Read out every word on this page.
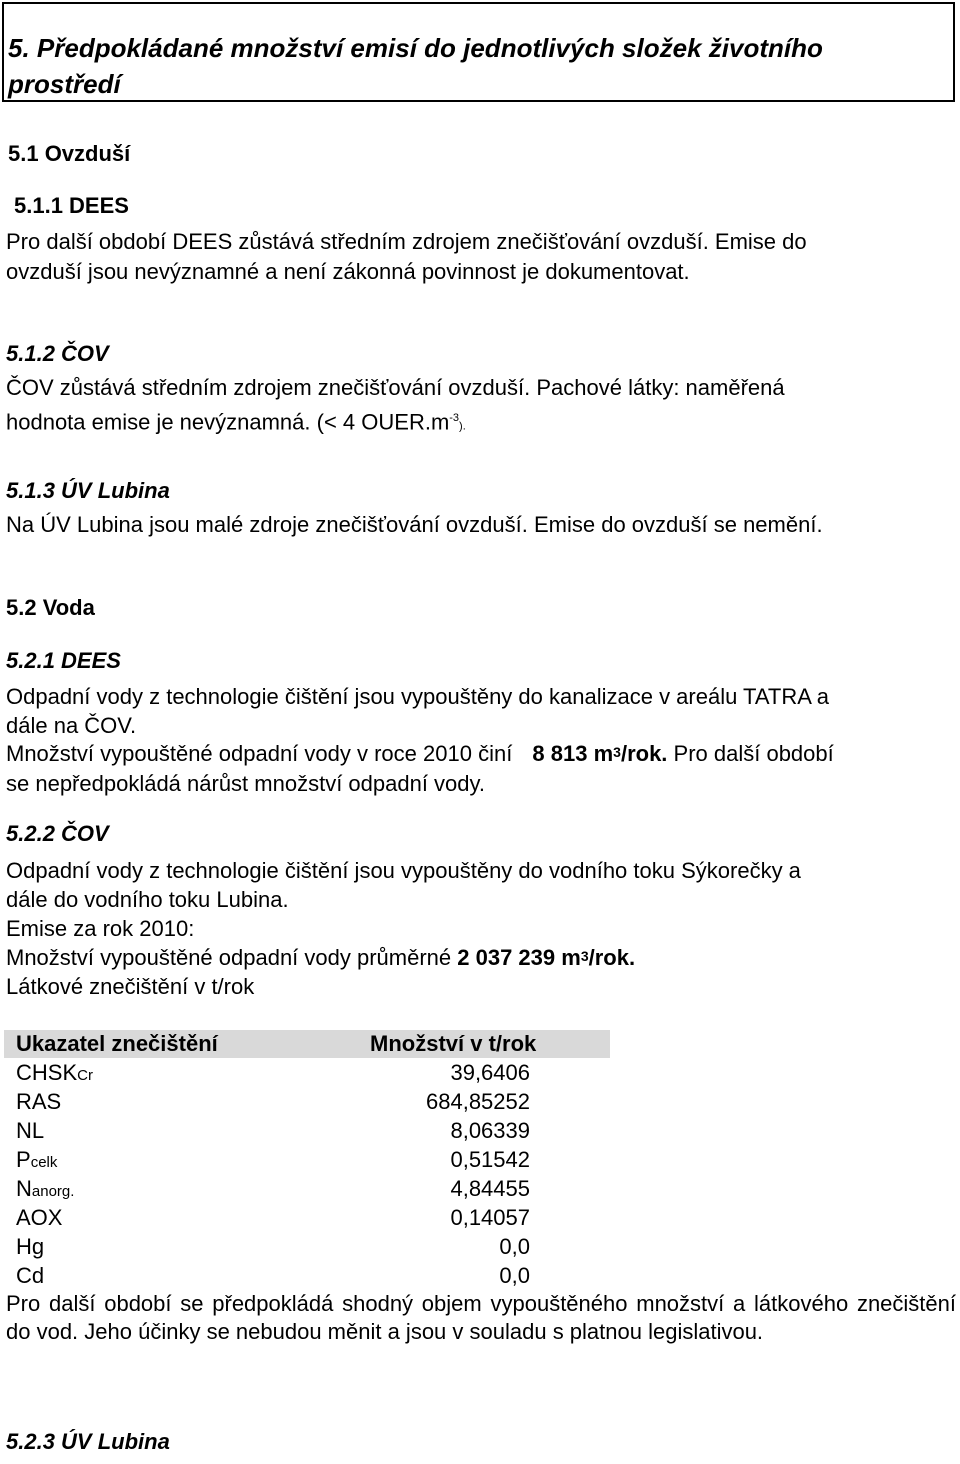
5. Předpokládané množství emisí do jednotlivých složek životního
prostředí
5.1 Ovzduší
5.1.1 DEES
Pro další období DEES zůstává středním zdrojem znečišťování ovzduší. Emise do
ovzduší jsou nevýznamné a není zákonná povinnost je dokumentovat.
5.1.2 ČOV
ČOV zůstává středním zdrojem znečišťování ovzduší. Pachové látky: naměřená
hodnota emise je nevýznamná. (< 4 $OUER.m^{-3}$).
5.1.3 ÚV Lubina
Na ÚV Lubina jsou malé zdroje znečišťování ovzduší. Emise do ovzduší se nemění.
5.2 Voda
5.2.1 DEES
Odpadní vody z technologie čištění jsou vypouštěny do kanalizace v areálu TATRA a
dále na ČOV.
Množství vypouštěné odpadní vody v roce 2010 činí 8 813 $m^3$/rok. Pro další období
se nepředpokládá nárůst množství odpadní vody.
5.2.2 ČOV
Odpadní vody z technologie čištění jsou vypouštěny do vodního toku Sýkorečky a
dále do vodního toku Lubina.
Emise za rok 2010:
Množství vypouštěné odpadní vody průměrné 2 037 239 $m^3$/rok.
Látkové znečištění v t/rok
Ukazatel znečištění	Množství v t/rok
CHSKCr	39,6406
RAS	684,85252
NL	8,06339
Pcelk	0,51542
Nanorg.	4,84455
AOX	0,14057
Hg	0,0
Cd	0,0
Pro další období se předpokládá shodný objem vypouštěného množství a látkového znečištění do vod. Jeho účinky se nebudou měnit a jsou v souladu s platnou legislativou.
5.2.3 ÚV Lubina
